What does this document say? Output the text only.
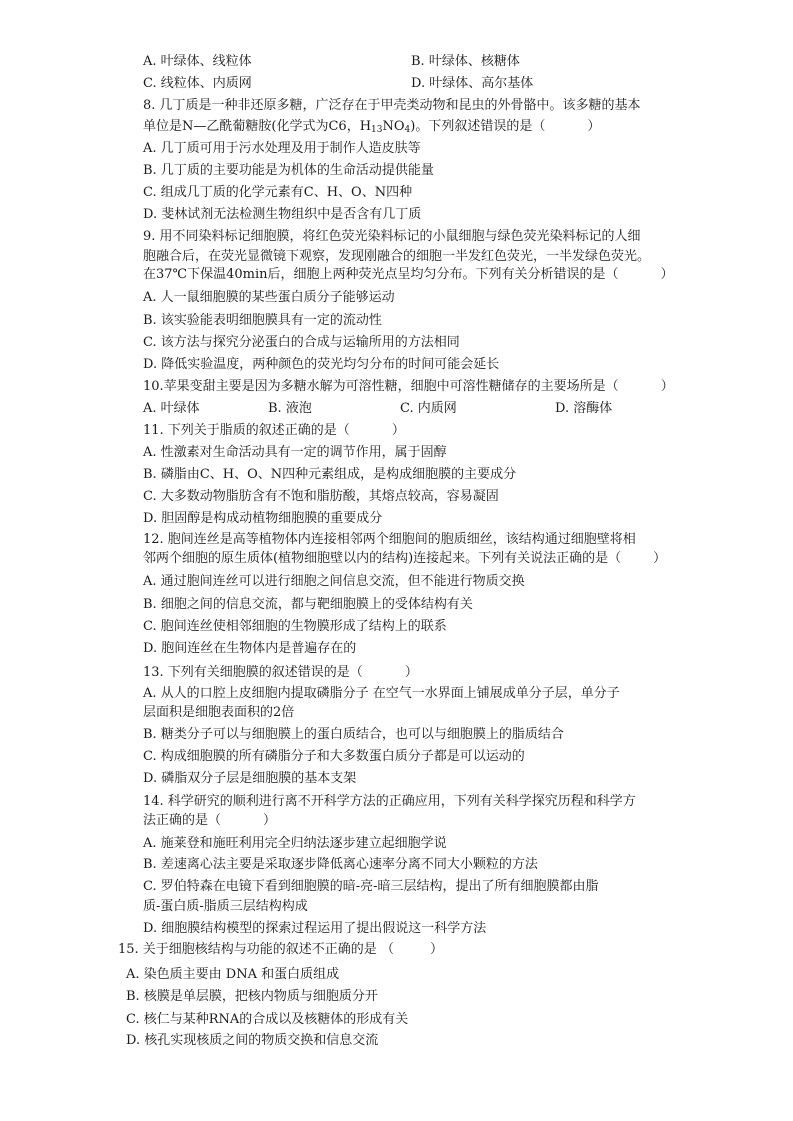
A. 叶绿体、线粒体	B. 叶绿体、核糖体
C. 线粒体、内质网	D. 叶绿体、高尔基体
8. 几丁质是一种非还原多糖，广泛存在于甲壳类动物和昆虫的外骨骼中。该多糖的基本
单位是N—乙酰葡糖胺(化学式为C6，$H_{13}NO_4$)。下列叙述错误的是（	）
A. 几丁质可用于污水处理及用于制作人造皮肤等
B. 几丁质的主要功能是为机体的生命活动提供能量
C. 组成几丁质的化学元素有C、H、O、N四种
D. 斐林试剂无法检测生物组织中是否含有几丁质
9. 用不同染料标记细胞膜，将红色荧光染料标记的小鼠细胞与绿色荧光染料标记的人细
胞融合后，在荧光显微镜下观察，发现刚融合的细胞一半发红色荧光，一半发绿色荧光。
在37℃下保温40min后，细胞上两种荧光点呈均匀分布。下列有关分析错误的是（	）
A. 人一鼠细胞膜的某些蛋白质分子能够运动
B. 该实验能表明细胞膜具有一定的流动性
C. 该方法与探究分泌蛋白的合成与运输所用的方法相同
D. 降低实验温度，两种颜色的荧光均匀分布的时间可能会延长
10.苹果变甜主要是因为多糖水解为可溶性糖，细胞中可溶性糖储存的主要场所是（	）
A. 叶绿体	B. 液泡	C. 内质网	D. 溶酶体
11. 下列关于脂质的叙述正确的是（	）
A. 性激素对生命活动具有一定的调节作用，属于固醇
B. 磷脂由C、H、O、N四种元素组成，是构成细胞膜的主要成分
C. 大多数动物脂肪含有不饱和脂肪酸，其熔点较高，容易凝固
D. 胆固醇是构成动植物细胞膜的重要成分
12. 胞间连丝是高等植物体内连接相邻两个细胞间的胞质细丝，该结构通过细胞壁将相
邻两个细胞的原生质体(植物细胞壁以内的结构)连接起来。下列有关说法正确的是（ ）
A. 通过胞间连丝可以进行细胞之间信息交流，但不能进行物质交换
B. 细胞之间的信息交流，都与靶细胞膜上的受体结构有关
C. 胞间连丝使相邻细胞的生物膜形成了结构上的联系
D. 胞间连丝在生物体内是普遍存在的
13. 下列有关细胞膜的叙述错误的是（	）
A. 从人的口腔上皮细胞内提取磷脂分子 在空气一水界面上铺展成单分子层，单分子
层面积是细胞表面积的2倍
B. 糖类分子可以与细胞膜上的蛋白质结合，也可以与细胞膜上的脂质结合
C. 构成细胞膜的所有磷脂分子和大多数蛋白质分子都是可以运动的
D. 磷脂双分子层是细胞膜的基本支架
14. 科学研究的顺利进行离不开科学方法的正确应用，下列有关科学探究历程和科学方
法正确的是（	）
A. 施莱登和施旺利用完全归纳法逐步建立起细胞学说
B. 差速离心法主要是采取逐步降低离心速率分离不同大小颗粒的方法
C. 罗伯特森在电镜下看到细胞膜的暗-亮-暗三层结构，提出了所有细胞膜都由脂
质-蛋白质-脂质三层结构构成
D. 细胞膜结构模型的探索过程运用了提出假说这一科学方法
15. 关于细胞核结构与功能的叙述不正确的是 （	）
A. 染色质主要由 DNA 和蛋白质组成
B. 核膜是单层膜，把核内物质与细胞质分开
C. 核仁与某种RNA的合成以及核糖体的形成有关
D. 核孔实现核质之间的物质交换和信息交流
